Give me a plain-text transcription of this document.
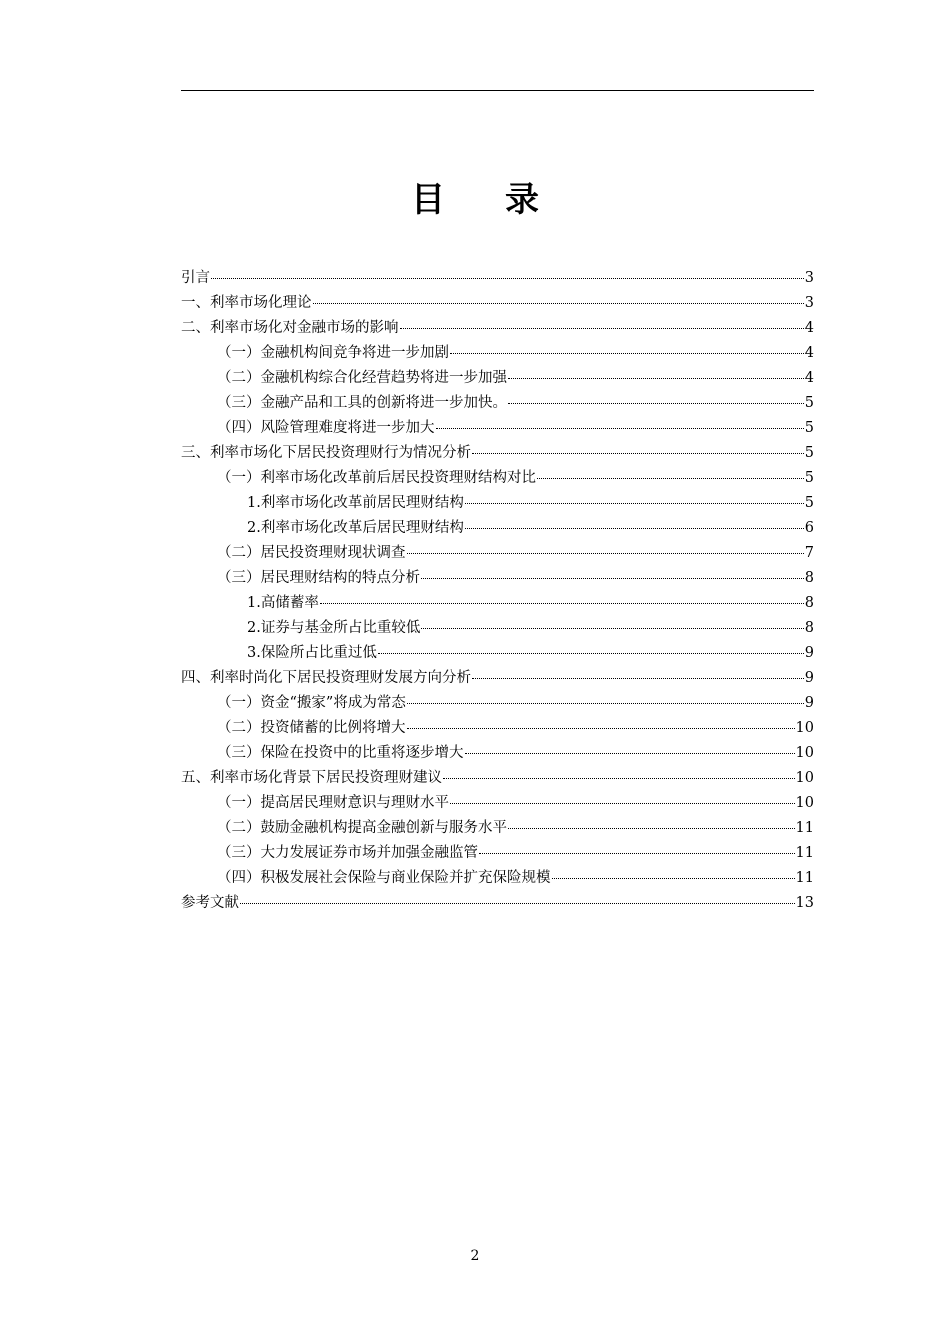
目录
引言	3
一、利率市场化理论	3
二、利率市场化对金融市场的影响	4
（一）金融机构间竞争将进一步加剧	4
（二）金融机构综合化经营趋势将进一步加强	4
（三）金融产品和工具的创新将进一步加快。	5
（四）风险管理难度将进一步加大	5
三、利率市场化下居民投资理财行为情况分析	5
（一）利率市场化改革前后居民投资理财结构对比	5
1.利率市场化改革前居民理财结构	5
2.利率市场化改革后居民理财结构	6
（二）居民投资理财现状调查	7
（三）居民理财结构的特点分析	8
1.高储蓄率	8
2.证券与基金所占比重较低	8
3.保险所占比重过低	9
四、利率时尚化下居民投资理财发展方向分析	9
（一）资金“搬家”将成为常态	9
（二）投资储蓄的比例将增大	10
（三）保险在投资中的比重将逐步增大	10
五、利率市场化背景下居民投资理财建议	10
（一）提高居民理财意识与理财水平	10
（二）鼓励金融机构提高金融创新与服务水平	11
（三）大力发展证券市场并加强金融监管	11
（四）积极发展社会保险与商业保险并扩充保险规模	11
参考文献	13
2
